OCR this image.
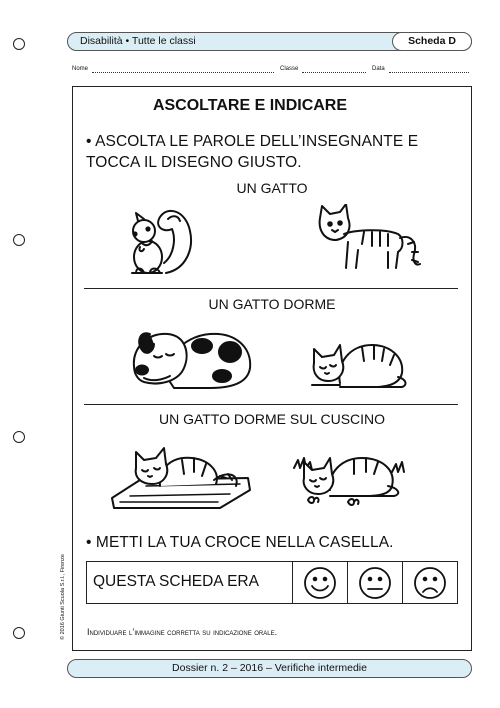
Disabilità • Tutte le classi	Scheda D
Nome	Classe	Data
ASCOLTARE E INDICARE
• ASCOLTA LE PAROLE DELL’INSEGNANTE E
TOCCA IL DISEGNO GIUSTO.
UN GATTO
UN GATTO DORME
UN GATTO DORME SUL CUSCINO
• METTI LA TUA CROCE NELLA CASELLA.
QUESTA SCHEDA ERA
Individuare l’immagine corretta su indicazione orale.
© 2016 Giunti Scuola S.r.l., Firenze
Dossier n. 2 – 2016 – Verifiche intermedie
